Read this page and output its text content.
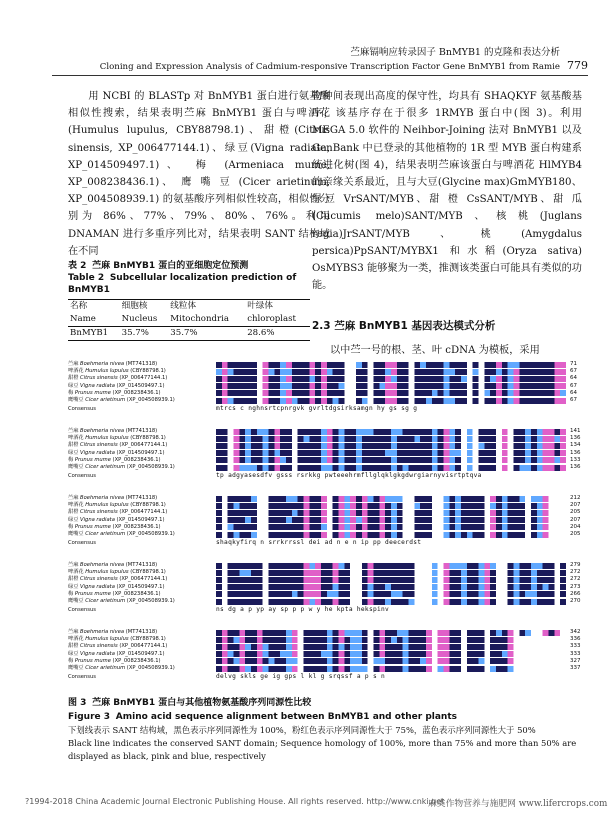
苎麻镉响应转录因子 BnMYB1 的克隆和表达分析
Cloning and Expression Analysis of Cadmium-responsive Transcription Factor Gene BnMYB1 from Ramie 779

用 NCBI 的 BLASTp 对 BnMYB1 蛋白进行氨基酸相似性搜索，结果表明苎麻 BnMYB1 蛋白与啤酒花(Humulus lupulus, CBY88798.1)、甜橙(Citrus sinensis, XP_006477144.1)、绿豆(Vigna radiata, XP_014509497.1)、 梅 (Armeniaca mume, XP_008238436.1)、 鹰 嘴 豆 (Cicer arietinum, XP_004508939.1) 的氨基酸序列相似性较高，相似性分别为 86%、77%、79%、80%、76%。利用 DNAMAN 进行多重序列比对，结果表明 SANT 结构域在不同

物种间表现出高度的保守性，均具有 SHAQKYF 氨基酸基序，该基序存在于很多 1RMYB 蛋白中(图 3)。利用 MEGA 5.0 软件的 Neihbor-Joining 法对 BnMYB1 以及 GenBank 中已登录的其他植物的 1R 型 MYB 蛋白构建系统进化树(图 4)，结果表明苎麻该蛋白与啤酒花 HlMYB4 的亲缘关系最近，且与大豆(Glycine max)GmMYB180、绿豆 VrSANT/MYB、甜 橙 CsSANT/MYB、甜 瓜 (Cucumis melo)SANT/MYB、核桃(Juglans regia)JrSANT/MYB、桃(Amygdalus persica)PpSANT/MYBX1 和水稻(Oryza sativa) OsMYBS3 能够聚为一类，推测该类蛋白可能具有类似的功能。

表 2 苎麻 BnMYB1 蛋白的亚细胞定位预测
Table 2 Subcellular localization prediction of BnMYB1
名称	细胞核	线粒体	叶绿体
Name	Nucleus	Mitochondria	chloroplast
BnMYB1	35.7%	35.7%	28.6%
2.3 苎麻 BnMYB1 基因表达模式分析
以中苎一号的根、茎、叶 cDNA 为模板，采用
苎麻 Boehmeria nivea (MT741318)	71
啤酒花 Humulus lupulus (CBY88798.1)	67
甜橙 Citrus sinensis (XP_006477144.1)	64
绿豆 Vigna radiata (XP_014509497.1)	67
梅 Prunus mume (XP_008238436.1)	64
鹰嘴豆 Cicer arietinum (XP_004508939.1)	67
Consensus	mtrcs c nghnsrtcpnrgvk gvrltdgsirksamgn hy gs sg g
苎麻 Boehmeria nivea (MT741318)	141
啤酒花 Humulus lupulus (CBY88798.1)	136
甜橙 Citrus sinensis (XP_006477144.1)	134
绿豆 Vigna radiata (XP_014509497.1)	136
梅 Prunus mume (XP_008238436.1)	133
鹰嘴豆 Cicer arietinum (XP_004508939.1)	136
Consensus	tp adgyasesdfv gsss rsrkkg pwteeehrmfllglqklgkgdwrgiarnyvisrtptqva
苎麻 Boehmeria nivea (MT741318)	212
啤酒花 Humulus lupulus (CBY88798.1)	207
甜橙 Citrus sinensis (XP_006477144.1)	205
绿豆 Vigna radiata (XP_014509497.1)	207
梅 Prunus mume (XP_008238436.1)	204
鹰嘴豆 Cicer arietinum (XP_004508939.1)	205
Consensus	shaqkyfirq n srrkrrssl dei ad n e n ip pp deecerdst
苎麻 Boehmeria nivea (MT741318)	279
啤酒花 Humulus lupulus (CBY88798.1)	272
甜橙 Citrus sinensis (XP_006477144.1)	272
绿豆 Vigna radiata (XP_014509497.1)	273
梅 Prunus mume (XP_008238436.1)	266
鹰嘴豆 Cicer arietinum (XP_004508939.1)	270
Consensus	ns dg a p yp ay sp p p w y he kpta hekspinv
苎麻 Boehmeria nivea (MT741318)	342
啤酒花 Humulus lupulus (CBY88798.1)	336
甜橙 Citrus sinensis (XP_006477144.1)	333
绿豆 Vigna radiata (XP_014509497.1)	333
梅 Prunus mume (XP_008238436.1)	327
鹰嘴豆 Cicer arietinum (XP_004508939.1)	337
Consensus	delvg skls ge ig gps l kl g srqssf a p s n
图 3 苎麻 BnMYB1 蛋白与其他植物氨基酸序列同源性比较
Figure 3 Amino acid sequence alignment between BnMYB1 and other plants
下划线表示 SANT 结构域，黑色表示序列同源性为 100%，粉红色表示序列同源性大于 75%，蓝色表示序列同源性大于 50%
Black line indicates the conserved SANT domain; Sequence homology of 100%, more than 75% and more than 50% are displayed as black, pink and blue, respectively
?1994-2018 China Academic Journal Electronic Publishing House. All rights reserved. http://www.cnki.net
麻类作物营养与施肥网 www.lifercrops.com
